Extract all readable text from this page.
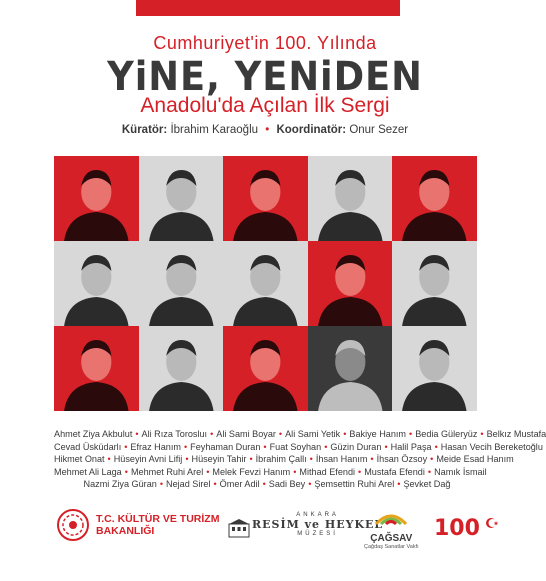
Cumhuriyet'in 100. Yılında
YiNE, YENiDEN
Anadolu'da Açılan İlk Sergi
Küratör: İbrahim Karaoğlu • Koordinatör: Onur Sezer
Ahmet Ziya Akbulut • Ali Rıza Torosluı • Ali Sami Boyar • Ali Sami Yetik • Bakiye Hanım • Bedia Güleryüz • Belkız Mustafa
Cevad Üsküdarlı • Efraz Hanım • Feyhaman Duran • Fuat Soyhan • Güzin Duran • Halil Paşa • Hasan Vecih Bereketoğlu
Hikmet Onat • Hüseyin Avni Lifij • Hüseyin Tahir • İbrahim Çallı • İhsan Hanım • İhsan Özsoy • Meide Esad Hanım
Mehmet Ali Laga • Mehmet Ruhi Arel • Melek Fevzi Hanım • Mithad Efendi • Mustafa Efendi • Namık İsmail
Nazmi Ziya Güran • Nejad Sirel • Ömer Adil • Sadi Bey • Şemsettin Ruhi Arel • Şevket Dağ
T.C. KÜLTÜR VE TURİZM
BAKANLIĞI
ANKARA
RESİM ve HEYKEL
MÜZESİ	ÇAĞSAV
Çağdaş Sanatlar Vakfı
100
